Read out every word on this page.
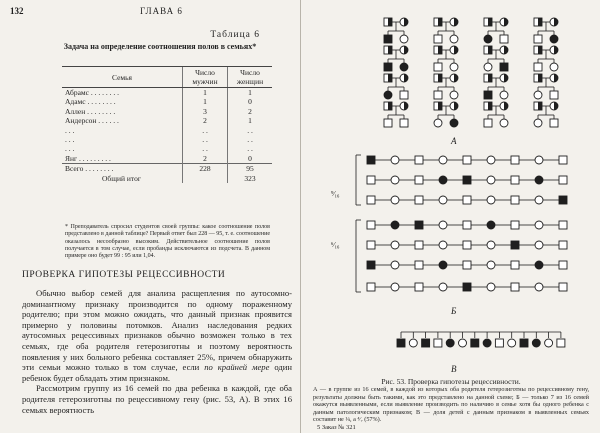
132	ГЛАВА 6
Таблица 6
Задача на определение соотношения полов в семьях*
Семья	Число мужчин	Число женщин
Абрамс . . . . . . . .	1	1
Адамс . . . . . . . .	1	0
Аллен . . . . . . . .	3	2
Андерсон . . . . . .	2	1
. . .	. .	. .
. . .	. .	. .
. . .	. .	. .
Янг . . . . . . . . .	2	0
Всего . . . . . . . .	228	95
Общий итог		323
* Преподаватель спросил студентов своей группы: какое соотношение полов представлено в данной таблице? Первый ответ был 228 — 95, т. е. соотношение оказалось несообразно высоким. Действительное соотношение полов получается в том случае, если пробанды исключаются из подсчета. В данном примере оно будет 99 : 95 или 1,04.
ПРОВЕРКА ГИПОТЕЗЫ РЕЦЕССИВНОСТИ

Обычно выбор семей для анализа расщепления по аутосомно-доминантному признаку производится по одному пораженному родителю; при этом можно ожидать, что данный признак проявится примерно у половины потомков. Анализ наследования редких аутосомных рецессивных признаков обычно возможен только в тех семьях, где оба родителя гетерозиготны и поэтому вероятность появления у них больного ребенка составляет 25%, причем обнаружить эти семьи можно только в том случае, если по крайней мере один ребенок будет обладать этим признаком.

Рассмотрим группу из 16 семей по два ребенка в каждой, где оба родителя гетерозиготны по рецессивному гену (рис. 53, А). В этих 16 семьях вероятность

⁹⁄₁₆
⁶⁄₁₆
А
Б
В
Рис. 53. Проверка гипотезы рецессивности.
А — в группе из 16 семей, в каждой из которых оба родителя гетерозиготны по рецессивному гену, результаты должны быть такими, как это представлено на данной схеме; Б — только 7 из 16 семей окажутся выявленными, если выявление производить по наличию в семье хотя бы одного ребенка с данным патологическим признаком; В — доля детей с данным признаком в выявленных семьях составит не ¼, а ⁴⁄₇ (57%).
5 Заказ № 321
